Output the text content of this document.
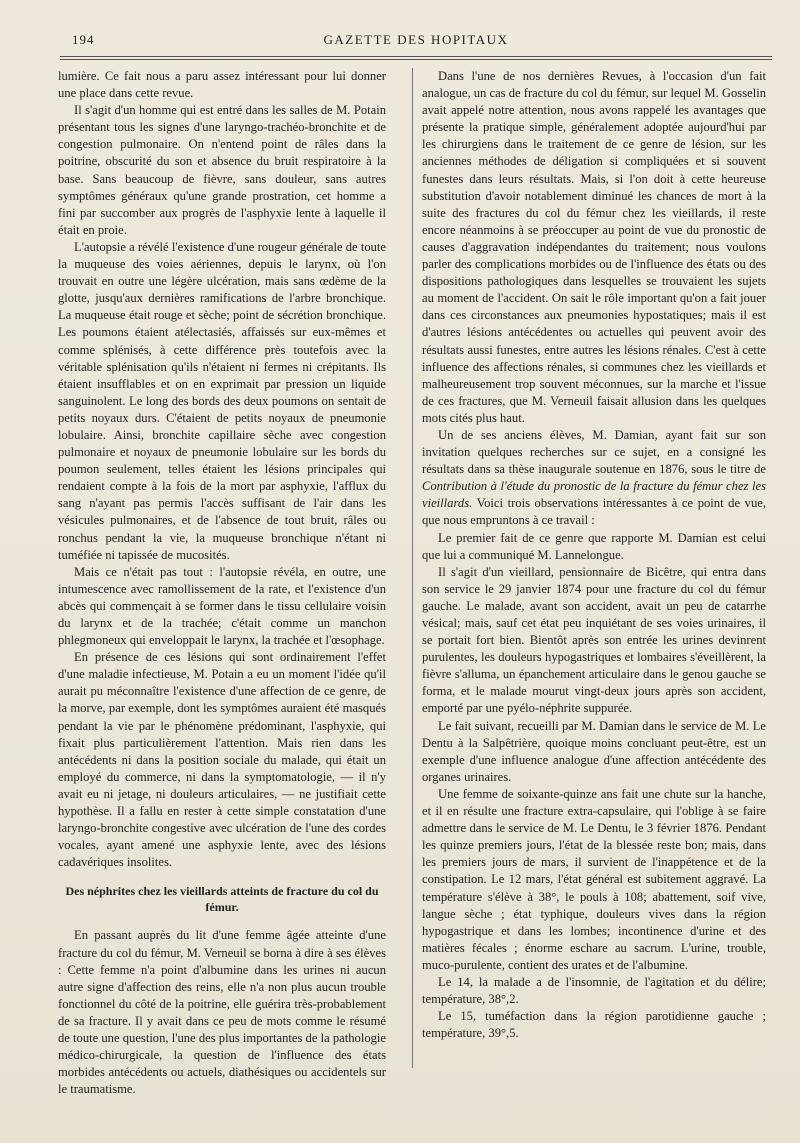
194	GAZETTE DES HOPITAUX

lumière. Ce fait nous a paru assez intéressant pour lui donner une place dans cette revue.

Il s'agit d'un homme qui est entré dans les salles de M. Potain présentant tous les signes d'une laryngo-trachéo-bronchite et de congestion pulmonaire. On n'entend point de râles dans la poitrine, obscurité du son et absence du bruit respiratoire à la base. Sans beaucoup de fièvre, sans douleur, sans autres symptômes généraux qu'une grande prostration, cet homme a fini par succomber aux progrès de l'asphyxie lente à laquelle il était en proie.

L'autopsie a révélé l'existence d'une rougeur générale de toute la muqueuse des voies aériennes, depuis le larynx, où l'on trouvait en outre une légère ulcération, mais sans œdème de la glotte, jusqu'aux dernières ramifications de l'arbre bronchique. La muqueuse était rouge et sèche; point de sécrétion bronchique. Les poumons étaient atélectasiés, affaissés sur eux-mêmes et comme splénisés, à cette différence près toutefois avec la véritable splénisation qu'ils n'étaient ni fermes ni crépitants. Ils étaient insufflables et on en exprimait par pression un liquide sanguinolent. Le long des bords des deux poumons on sentait de petits noyaux durs. C'étaient de petits noyaux de pneumonie lobulaire. Ainsi, bronchite capillaire sèche avec congestion pulmonaire et noyaux de pneumonie lobulaire sur les bords du poumon seulement, telles étaient les lésions principales qui rendaient compte à la fois de la mort par asphyxie, l'afflux du sang n'ayant pas permis l'accès suffisant de l'air dans les vésicules pulmonaires, et de l'absence de tout bruit, râles ou ronchus pendant la vie, la muqueuse bronchique n'étant ni tuméfiée ni tapissée de mucosités.

Mais ce n'était pas tout : l'autopsie révéla, en outre, une intumescence avec ramollissement de la rate, et l'existence d'un abcès qui commençait à se former dans le tissu cellulaire voisin du larynx et de la trachée; c'était comme un manchon phlegmoneux qui enveloppait le larynx, la trachée et l'œsophage.

En présence de ces lésions qui sont ordinairement l'effet d'une maladie infectieuse, M. Potain a eu un moment l'idée qu'il aurait pu méconnaître l'existence d'une affection de ce genre, de la morve, par exemple, dont les symptômes auraient été masqués pendant la vie par le phénomène prédominant, l'asphyxie, qui fixait plus particulièrement l'attention. Mais rien dans les antécédents ni dans la position sociale du malade, qui était un employé du commerce, ni dans la symptomatologie, — il n'y avait eu ni jetage, ni douleurs articulaires, — ne justifiait cette hypothèse. Il a fallu en rester à cette simple constatation d'une laryngo-bronchite congestive avec ulcération de l'une des cordes vocales, ayant amené une asphyxie lente, avec des lésions cadavériques insolites.

Des néphrites chez les vieillards atteints de fracture du col du fémur.

En passant auprès du lit d'une femme âgée atteinte d'une fracture du col du fémur, M. Verneuil se borna à dire à ses élèves : Cette femme n'a point d'albumine dans les urines ni aucun autre signe d'affection des reins, elle n'a non plus aucun trouble fonctionnel du côté de la poitrine, elle guérira très-probablement de sa fracture. Il y avait dans ce peu de mots comme le résumé de toute une question, l'une des plus importantes de la pathologie médico-chirurgicale, la question de l'influence des états morbides antécédents ou actuels, diathésiques ou accidentels sur le traumatisme.

Dans l'une de nos dernières Revues, à l'occasion d'un fait analogue, un cas de fracture du col du fémur, sur lequel M. Gosselin avait appelé notre attention, nous avons rappelé les avantages que présente la pratique simple, généralement adoptée aujourd'hui par les chirurgiens dans le traitement de ce genre de lésion, sur les anciennes méthodes de déligation si compliquées et si souvent funestes dans leurs résultats. Mais, si l'on doit à cette heureuse substitution d'avoir notablement diminué les chances de mort à la suite des fractures du col du fémur chez les vieillards, il reste encore néanmoins à se préoccuper au point de vue du pronostic de causes d'aggravation indépendantes du traitement; nous voulons parler des complications morbides ou de l'influence des états ou des dispositions pathologiques dans lesquelles se trouvaient les sujets au moment de l'accident. On sait le rôle important qu'on a fait jouer dans ces circonstances aux pneumonies hypostatiques; mais il est d'autres lésions antécédentes ou actuelles qui peuvent avoir des résultats aussi funestes, entre autres les lésions rénales. C'est à cette influence des affections rénales, si communes chez les vieillards et malheureusement trop souvent méconnues, sur la marche et l'issue de ces fractures, que M. Verneuil faisait allusion dans les quelques mots cités plus haut.

Un de ses anciens élèves, M. Damian, ayant fait sur son invitation quelques recherches sur ce sujet, en a consigné les résultats dans sa thèse inaugurale soutenue en 1876, sous le titre de Contribution à l'étude du pronostic de la fracture du fémur chez les vieillards. Voici trois observations intéressantes à ce point de vue, que nous empruntons à ce travail :

Le premier fait de ce genre que rapporte M. Damian est celui que lui a communiqué M. Lannelongue.

Il s'agit d'un vieillard, pensionnaire de Bicêtre, qui entra dans son service le 29 janvier 1874 pour une fracture du col du fémur gauche. Le malade, avant son accident, avait un peu de catarrhe vésical; mais, sauf cet état peu inquiétant de ses voies urinaires, il se portait fort bien. Bientôt après son entrée les urines devinrent purulentes, les douleurs hypogastriques et lombaires s'éveillèrent, la fièvre s'alluma, un épanchement articulaire dans le genou gauche se forma, et le malade mourut vingt-deux jours après son accident, emporté par une pyélo-néphrite suppurée.

Le fait suivant, recueilli par M. Damian dans le service de M. Le Dentu à la Salpêtrière, quoique moins concluant peut-être, est un exemple d'une influence analogue d'une affection antécédente des organes urinaires.

Une femme de soixante-quinze ans fait une chute sur la hanche, et il en résulte une fracture extra-capsulaire, qui l'oblige à se faire admettre dans le service de M. Le Dentu, le 3 février 1876. Pendant les quinze premiers jours, l'état de la blessée reste bon; mais, dans les premiers jours de mars, il survient de l'inappétence et de la constipation. Le 12 mars, l'état général est subitement aggravé. La température s'élève à 38°, le pouls à 108; abattement, soif vive, langue sèche ; état typhique, douleurs vives dans la région hypogastrique et dans les lombes; incontinence d'urine et des matières fécales ; énorme eschare au sacrum. L'urine, trouble, muco-purulente, contient des urates et de l'albumine.

Le 14, la malade a de l'insomnie, de l'agitation et du délire; température, 38°,2.

Le 15, tuméfaction dans la région parotidienne gauche ; température, 39°,5.
